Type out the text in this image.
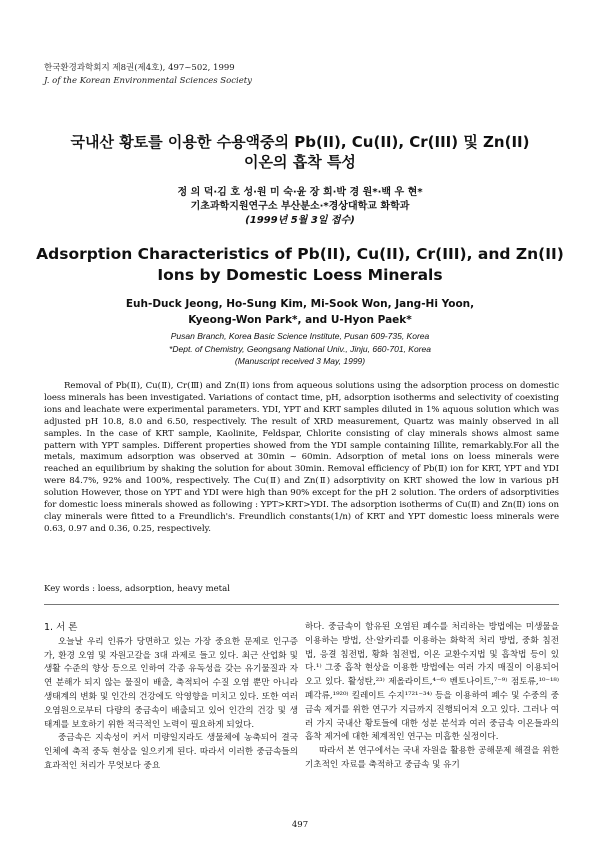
한국환경과학회지 제8권(제4호), 497~502, 1999
J. of the Korean Environmental Sciences Society
국내산 황토를 이용한 수용액중의 Pb(II), Cu(II), Cr(III) 및 Zn(II)
이온의 흡착 특성
정 의 덕·김 호 성·원 미 숙·윤 장 희·박 경 원*·백 우 현*
기초과학지원연구소 부산분소·*경상대학교 화학과
(1999년 5월 3일 접수)
Adsorption Characteristics of Pb(II), Cu(II), Cr(III), and Zn(II)
Ions by Domestic Loess Minerals
Euh-Duck Jeong, Ho-Sung Kim, Mi-Sook Won, Jang-Hi Yoon,
Kyeong-Won Park*, and U-Hyon Paek*
Pusan Branch, Korea Basic Science Institute, Pusan 609-735, Korea
*Dept. of Chemistry, Geongsang National Univ., Jinju, 660-701, Korea
(Manuscript received 3 May, 1999)
Removal of Pb(Ⅱ), Cu(Ⅱ), Cr(Ⅲ) and Zn(Ⅱ) ions from aqueous solutions using the adsorption process on domestic loess minerals has been investigated. Variations of contact time, pH, adsorption isotherms and selectivity of coexisting ions and leachate were experimental parameters. YDI, YPT and KRT samples diluted in 1% aquous solution which was adjusted pH 10.8, 8.0 and 6.50, respectively. The result of XRD measurement, Quartz was mainly observed in all samples. In the case of KRT sample, Kaolinite, Feldspar, Chlorite consisting of clay minerals shows almost same pattern with YPT samples. Different properties showed from the YDI sample containing Iillite, remarkably.For all the metals, maximum adsorption was observed at 30min ~ 60min. Adsorption of metal ions on loess minerals were reached an equilibrium by shaking the solution for about 30min. Removal efficiency of Pb(Ⅱ) ion for KRT, YPT and YDI were 84.7%, 92% and 100%, respectively. The Cu(Ⅱ) and Zn(Ⅱ) adsorptivity on KRT showed the low in various pH solution However, those on YPT and YDI were high than 90% except for the pH 2 solution. The orders of adsorptivities for domestic loess minerals showed as following : YPT>KRT>YDI. The adsorption isotherms of Cu(Ⅱ) and Zn(Ⅱ) ions on clay minerals were fitted to a Freundlich's. Freundlich constants(1/n) of KRT and YPT domestic loess minerals were 0.63, 0.97 and 0.36, 0.25, respectively.
Key words : loess, adsorption, heavy metal
1. 서 론

오늘날 우리 인류가 당면하고 있는 가장 중요한 문제로 인구증가, 환경 오염 및 자원고갈을 3대 과제로 들고 있다. 최근 산업화 및 생활 수준의 향상 등으로 인하여 각종 유독성을 갖는 유기물질과 자연 분해가 되지 않는 물질이 배출, 축적되어 수질 오염 뿐만 아니라 생태계의 변화 및 인간의 건강에도 악영향을 미치고 있다. 또한 여러 오염원으로부터 다량의 중금속이 배출되고 있어 인간의 건강 및 생태계를 보호하기 위한 적극적인 노력이 필요하게 되었다.

중금속은 지속성이 커서 미량일지라도 생물체에 농축되어 결국 인체에 축적 중독 현상을 일으키게 된다. 따라서 이러한 중금속들의 효과적인 처리가 무엇보다 중요

하다. 중금속이 함유된 오염된 폐수를 처리하는 방법에는 미생물을 이용하는 방법, 산·알카리를 이용하는 화학적 처리 방법, 중화 침전법, 응결 침전법, 황화 침전법, 이온 교환수지법 및 흡착법 등이 있다.¹⁾ 그중 흡착 현상을 이용한 방법에는 여러 가지 매질이 이용되어 오고 있다. 활성탄,²³⁾ 제올라이트,⁴⁻⁶⁾ 벤토나이트,⁷⁻⁹⁾ 점토류,¹⁰⁻¹⁸⁾ 폐각류,¹⁹²⁰⁾ 킬레이트 수지¹⁷²¹⁻³⁴⁾ 등을 이용하여 폐수 및 수중의 중금속 제거를 위한 연구가 지금까지 진행되어져 오고 있다. 그러나 여러 가지 국내산 황토들에 대한 성분 분석과 여러 중금속 이온들과의 흡착 제거에 대한 체계적인 연구는 미흡한 실정이다.

따라서 본 연구에서는 국내 자원을 활용한 공해문제 해결을 위한 기초적인 자료를 축적하고 중금속 및 유기

497
